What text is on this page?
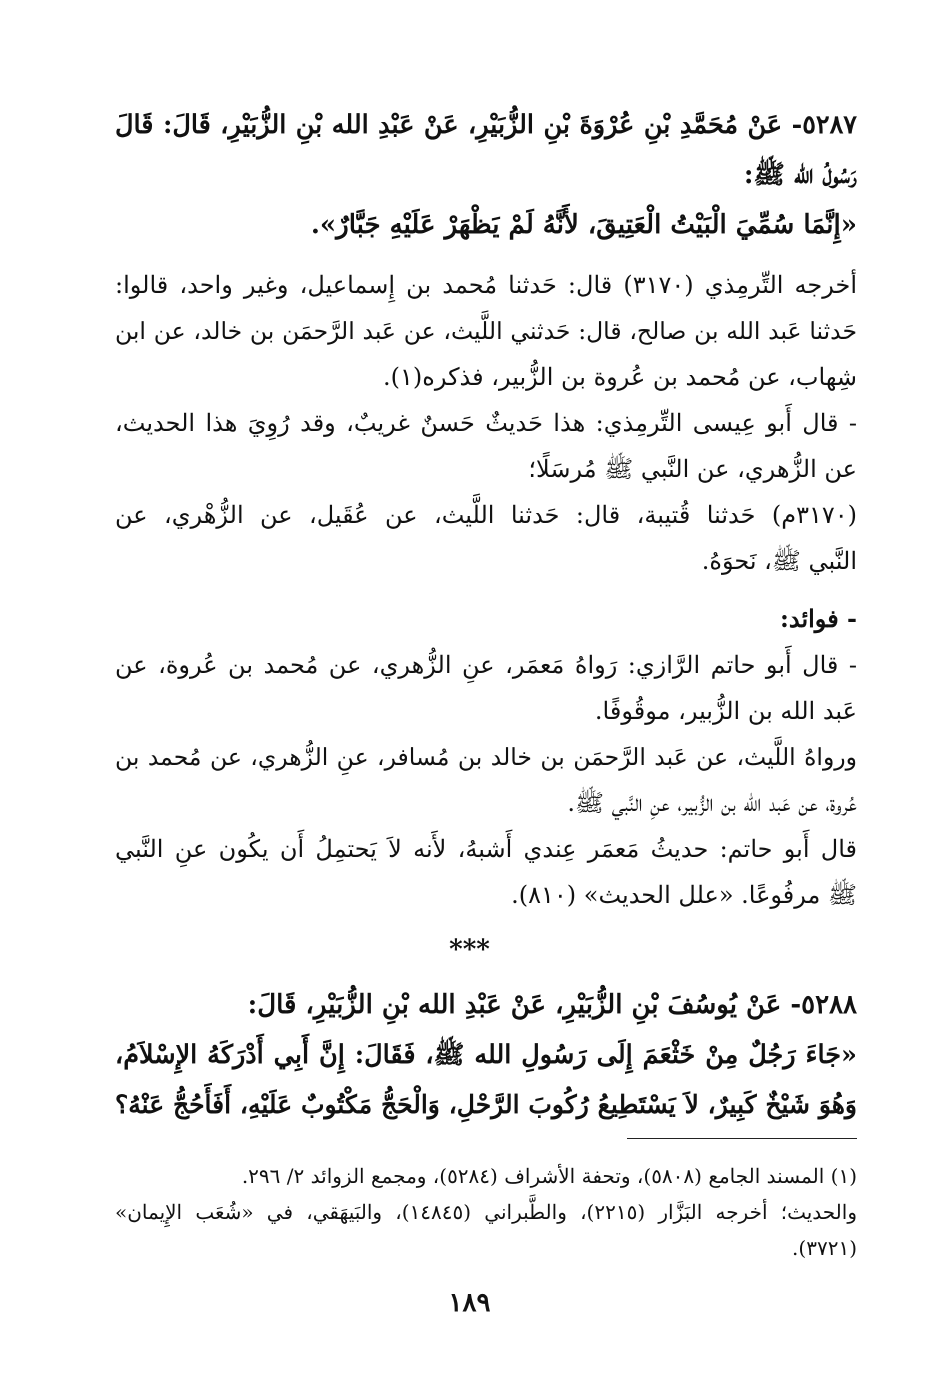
٥٢٨٧- عَنْ مُحَمَّدِ بْنِ عُرْوَةَ بْنِ الزُّبَيْرِ، عَنْ عَبْدِ الله بْنِ الزُّبَيْرِ، قَالَ: قَالَ
رَسُولُ الله ﷺ:
«إِنَّمَا سُمِّيَ الْبَيْتُ الْعَتِيقَ، لأَنَّهُ لَمْ يَظْهَرْ عَلَيْهِ جَبَّارٌ».
أخرجه التِّرمِذي (٣١٧٠) قال: حَدثنا مُحمد بن إِسماعيل، وغير واحد، قالوا:
حَدثنا عَبد الله بن صالح، قال: حَدثني اللَّيث، عن عَبد الرَّحمَن بن خالد، عن ابن
شِهاب، عن مُحمد بن عُروة بن الزُّبير، فذكره(١).
- قال أَبو عِيسى التِّرمِذي: هذا حَديثٌ حَسنٌ غريبٌ، وقد رُوِيَ هذا الحديث،
عن الزُّهري، عن النَّبي ﷺ مُرسَلًا؛
(٣١٧٠م) حَدثنا قُتيبة، قال: حَدثنا اللَّيث، عن عُقَيل، عن الزُّهْري، عن
النَّبي ﷺ، نَحوَهُ.
- فوائد:
- قال أَبو حاتم الرَّازي: رَواهُ مَعمَر، عنِ الزُّهري، عن مُحمد بن عُروة، عن
عَبد الله بن الزُّبير، موقُوفًا.
ورواهُ اللَّيث، عن عَبد الرَّحمَن بن خالد بن مُسافر، عنِ الزُّهري، عن مُحمد بن
عُروة، عن عَبد الله بن الزُّبير، عنِ النَّبي ﷺ.
قال أَبو حاتم: حديثُ مَعمَر عِندي أَشبهُ، لأَنه لاَ يَحتمِلُ أَن يكُون عنِ النَّبي
ﷺ مرفُوعًا. «علل الحديث» (٨١٠).
***
٥٢٨٨- عَنْ يُوسُفَ بْنِ الزُّبَيْرِ، عَنْ عَبْدِ الله بْنِ الزُّبَيْرِ، قَالَ:
«جَاءَ رَجُلٌ مِنْ خَثْعَمَ إِلَى رَسُولِ الله ﷺ، فَقَالَ: إِنَّ أَبِي أَدْرَكَهُ الإِسْلاَمُ،
وَهُوَ شَيْخٌ كَبِيرٌ، لاَ يَسْتَطِيعُ رُكُوبَ الرَّحْلِ، وَالْحَجُّ مَكْتُوبٌ عَلَيْهِ، أَفَأَحُجُّ عَنْهُ؟
(١) المسند الجامع (٥٨٠٨)، وتحفة الأشراف (٥٢٨٤)، ومجمع الزوائد ٢/ ٢٩٦.
والحديث؛ أخرجه البَزَّار (٢٢١٥)، والطَّبراني (١٤٨٤٥)، والبَيهَقي، في «شُعَب الإِيمان»
(٣٧٢١).
١٨٩
